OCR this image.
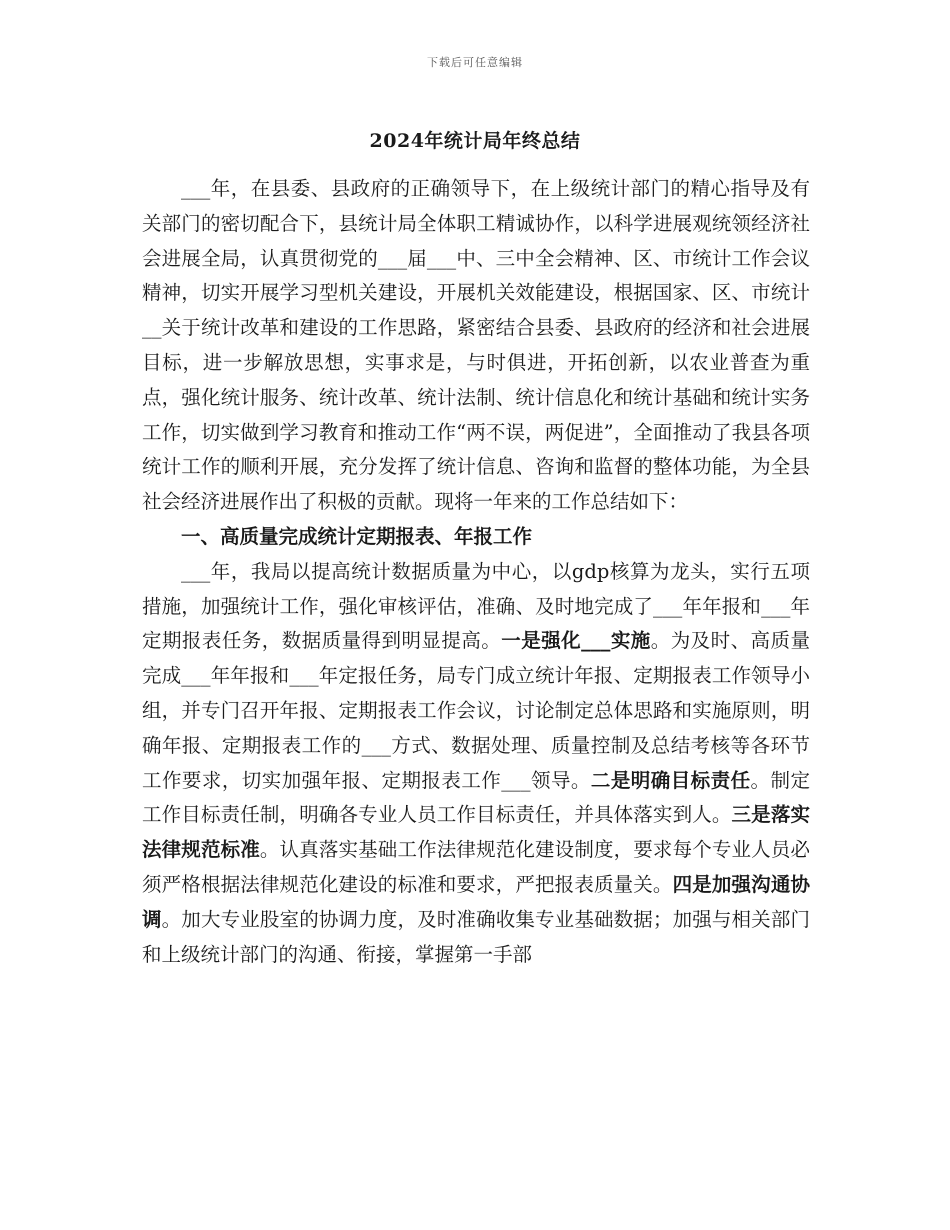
下载后可任意编辑
2024年统计局年终总结

___年，在县委、县政府的正确领导下，在上级统计部门的精心指导及有关部门的密切配合下，县统计局全体职工精诚协作，以科学进展观统领经济社会进展全局，认真贯彻党的___届___中、三中全会精神、区、市统计工作会议精神，切实开展学习型机关建设，开展机关效能建设，根据国家、区、市统计__关于统计改革和建设的工作思路，紧密结合县委、县政府的经济和社会进展目标，进一步解放思想，实事求是，与时俱进，开拓创新，以农业普查为重点，强化统计服务、统计改革、统计法制、统计信息化和统计基础和统计实务工作，切实做到学习教育和推动工作“两不误，两促进”，全面推动了我县各项统计工作的顺利开展，充分发挥了统计信息、咨询和监督的整体功能，为全县社会经济进展作出了积极的贡献。现将一年来的工作总结如下：

一、高质量完成统计定期报表、年报工作

___年，我局以提高统计数据质量为中心，以gdp核算为龙头，实行五项措施，加强统计工作，强化审核评估，准确、及时地完成了___年年报和___年定期报表任务，数据质量得到明显提高。一是强化___实施。为及时、高质量完成___年年报和___年定报任务，局专门成立统计年报、定期报表工作领导小组，并专门召开年报、定期报表工作会议，讨论制定总体思路和实施原则，明确年报、定期报表工作的___方式、数据处理、质量控制及总结考核等各环节工作要求，切实加强年报、定期报表工作___领导。二是明确目标责任。制定工作目标责任制，明确各专业人员工作目标责任，并具体落实到人。三是落实法律规范标准。认真落实基础工作法律规范化建设制度，要求每个专业人员必须严格根据法律规范化建设的标准和要求，严把报表质量关。四是加强沟通协调。加大专业股室的协调力度，及时准确收集专业基础数据；加强与相关部门和上级统计部门的沟通、衔接，掌握第一手部
